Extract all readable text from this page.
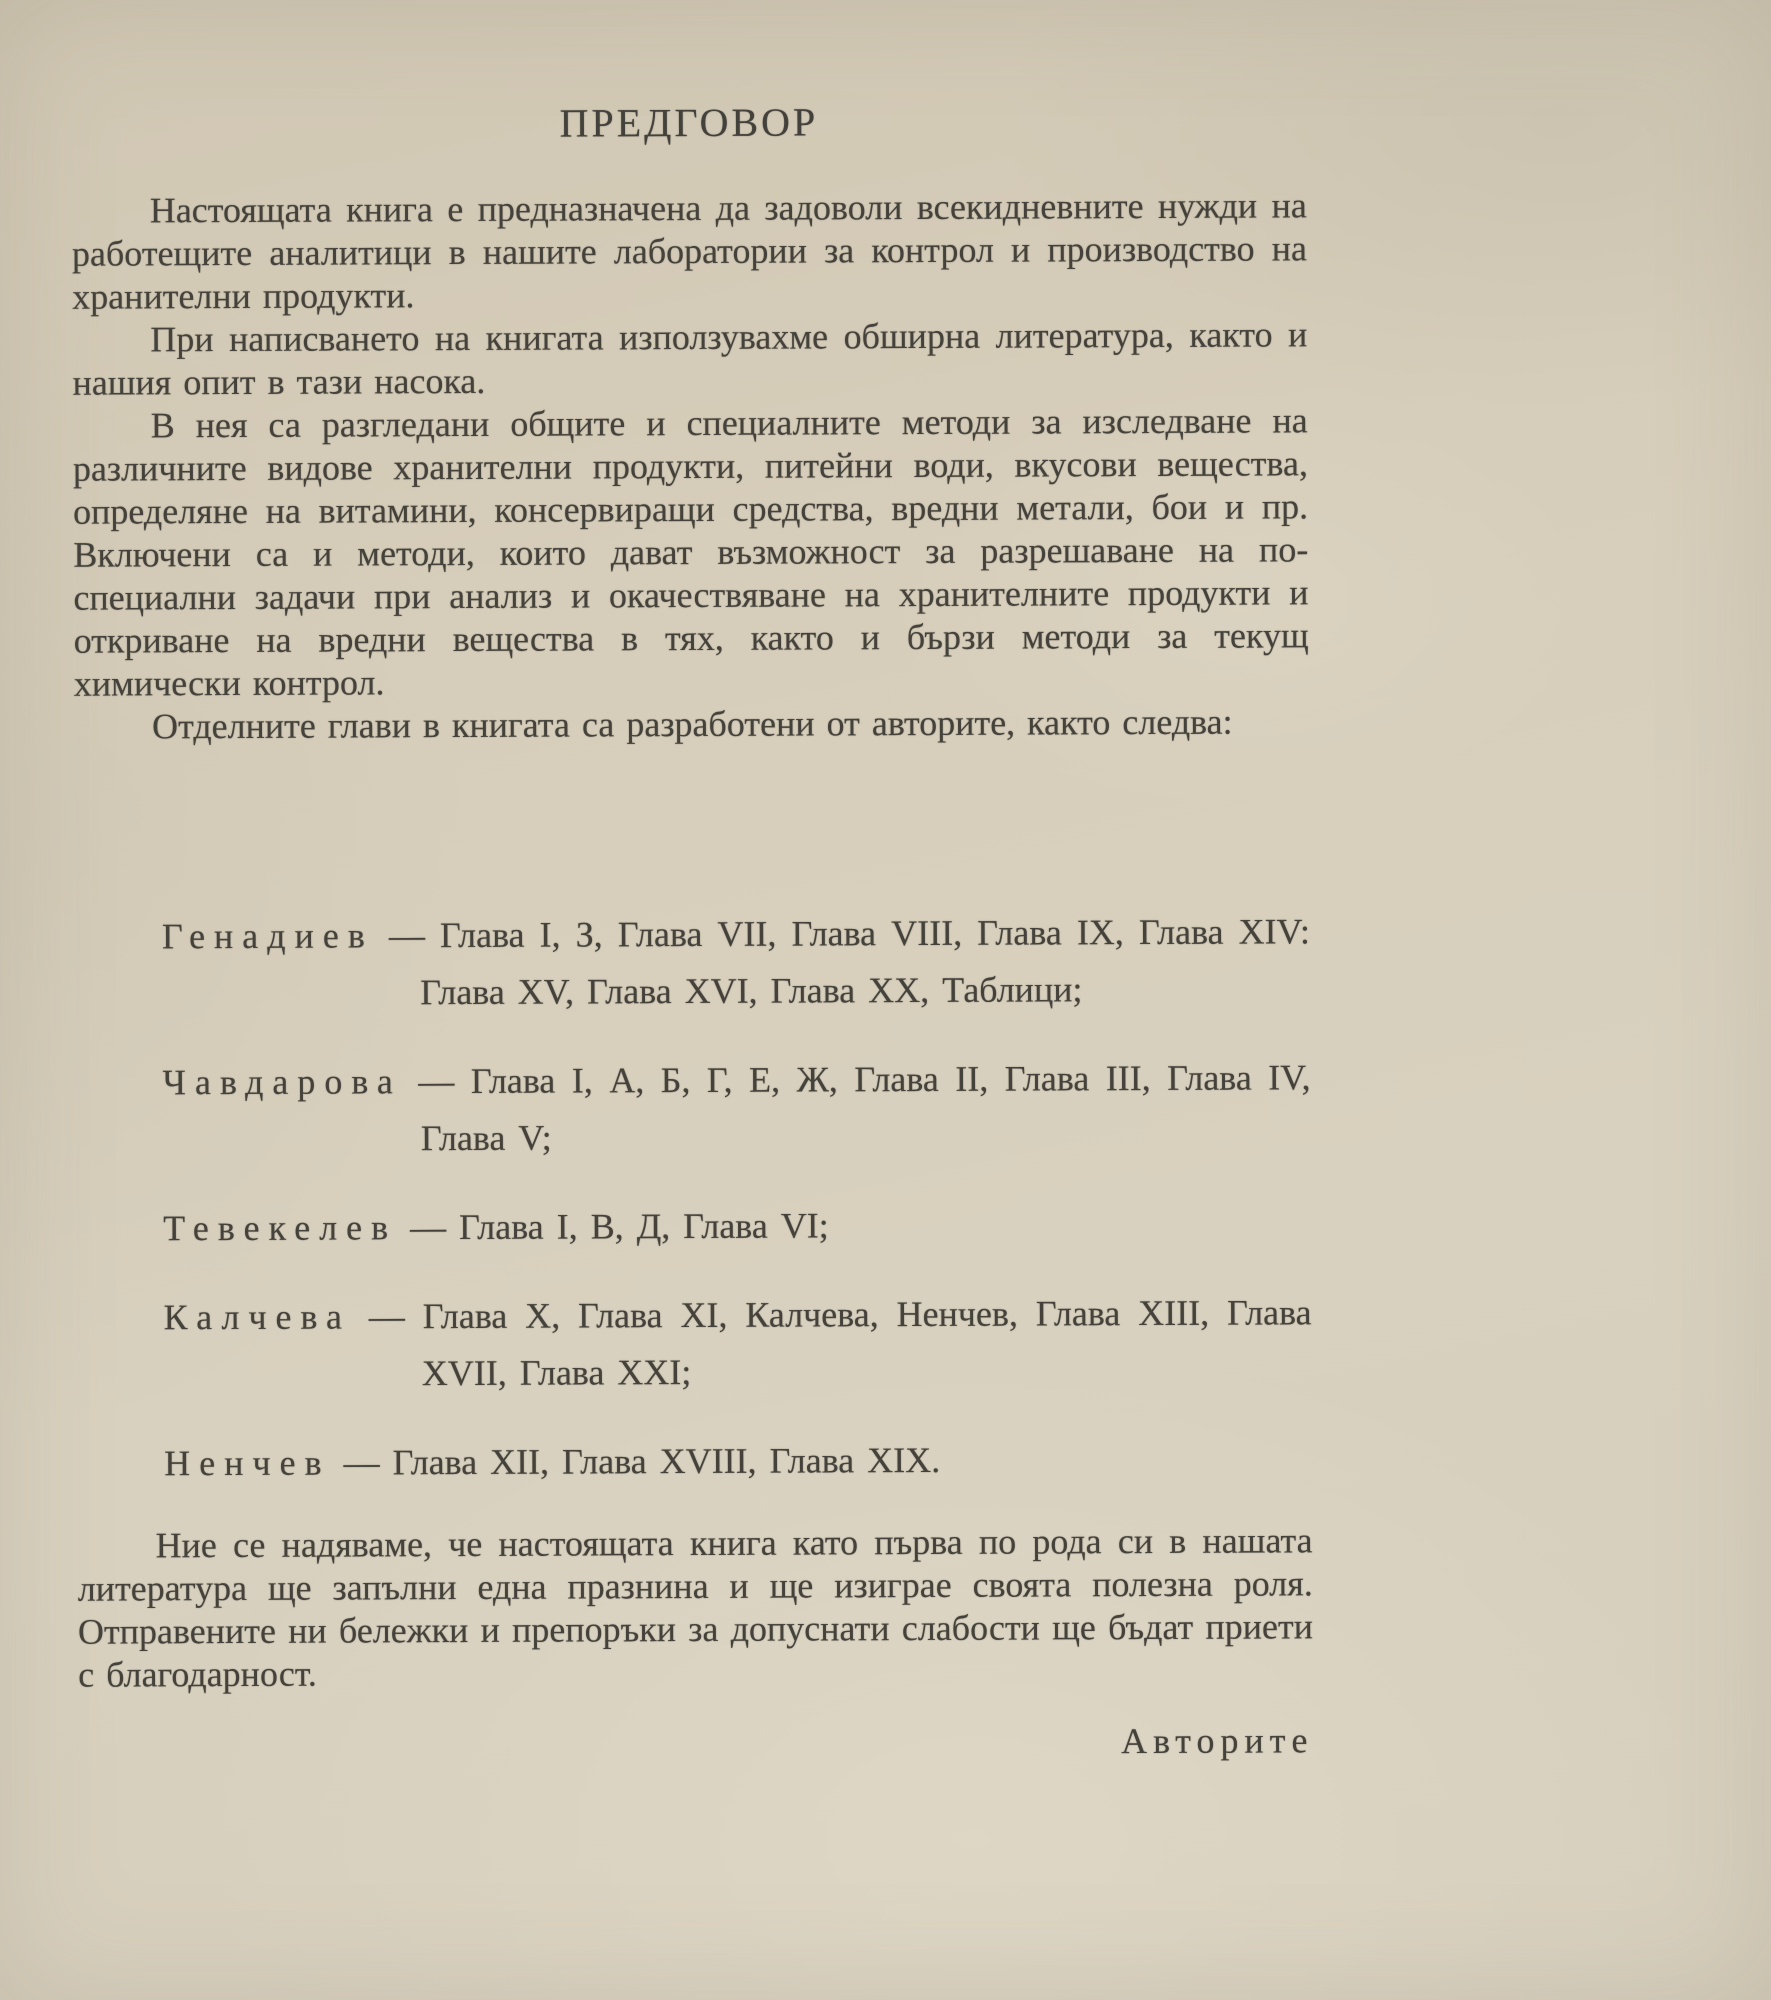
ПРЕДГОВОР

Настоящата книга е предназначена да задоволи всекидневните нужди на работещите аналитици в нашите лаборатории за контрол и производство на хранителни продукти.

При написването на книгата използувахме обширна литература, както и нашия опит в тази насока.

В нея са разгледани общите и специалните методи за изследване на различните видове хранителни продукти, питейни води, вкусови вещества, определяне на витамини, консервиращи средства, вредни метали, бои и пр. Включени са и методи, които дават възможност за разрешаване на по-специални задачи при анализ и окачествяване на хранителните продукти и откриване на вредни вещества в тях, както и бързи методи за текущ химически контрол.

Отделните глави в книгата са разработени от авторите, както следва:

Генадиев — Глава I, З, Глава VII, Глава VIII, Глава IX, Глава XIV: Глава XV, Глава XVI, Глава XX, Таблици;

Чавдарова — Глава I, А, Б, Г, Е, Ж, Глава II, Глава III, Глава IV, Глава V;

Тевекелев — Глава I, В, Д, Глава VI;

Калчева — Глава X, Глава XI, Калчева, Ненчев, Глава XIII, Глава XVII, Глава XXI;

Ненчев — Глава XII, Глава XVIII, Глава XIX.

Ние се надяваме, че настоящата книга като първа по рода си в нашата литература ще запълни една празнина и ще изиграе своята полезна роля. Отправените ни бележки и препоръки за допуснати слабости ще бъдат приети с благодарност.

Авторите
